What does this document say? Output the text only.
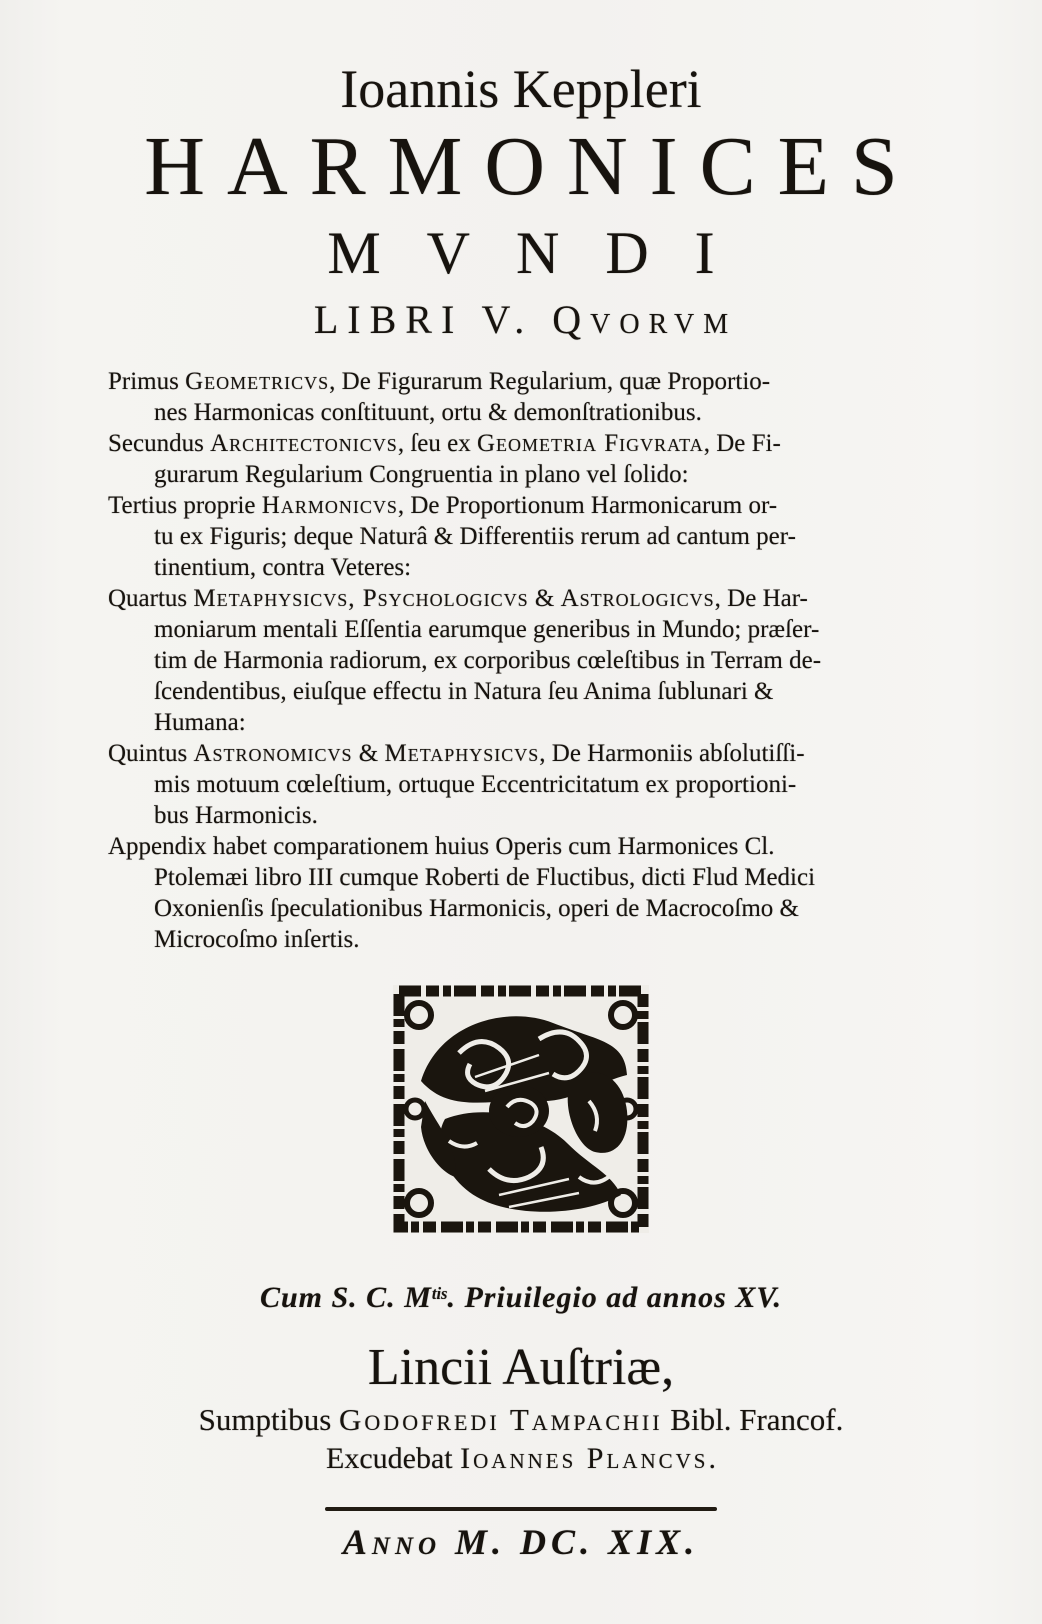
Ioannis Keppleri
HARMONICES
MVNDI
LIBRI V. Qvorvm

Primus Geometricvs, De Figurarum Regularium, quæ Proportio-
nes Harmonicas conſtituunt, ortu & demonſtrationibus.

Secundus Architectonicvs, ſeu ex Geometria Figvrata, De Fi-
gurarum Regularium Congruentia in plano vel ſolido:

Tertius proprie Harmonicvs, De Proportionum Harmonicarum or-
tu ex Figuris; deque Naturâ & Differentiis rerum ad cantum per-
tinentium, contra Veteres:

Quartus Metaphysicvs, Psychologicvs & Astrologicvs, De Har-
moniarum mentali Eſſentia earumque generibus in Mundo; præſer-
tim de Harmonia radiorum, ex corporibus cœleſtibus in Terram de-
ſcendentibus, eiuſque effectu in Natura ſeu Anima ſublunari &
Humana:

Quintus Astronomicvs & Metaphysicvs, De Harmoniis abſolutiſſi-
mis motuum cœleſtium, ortuque Eccentricitatum ex proportioni-
bus Harmonicis.

Appendix habet comparationem huius Operis cum Harmonices Cl.
Ptolemæi libro III cumque Roberti de Fluctibus, dicti Flud Medici
Oxonienſis ſpeculationibus Harmonicis, operi de Macrocoſmo &
Microcoſmo inſertis.

Cum S. C. $M^{tis}$. Priuilegio ad annos XV.
Lincii Auſtriæ,
Sumptibus Godofredi Tampachii Bibl. Francof.
Excudebat Ioannes Plancvs.
Anno M. DC. XIX.
